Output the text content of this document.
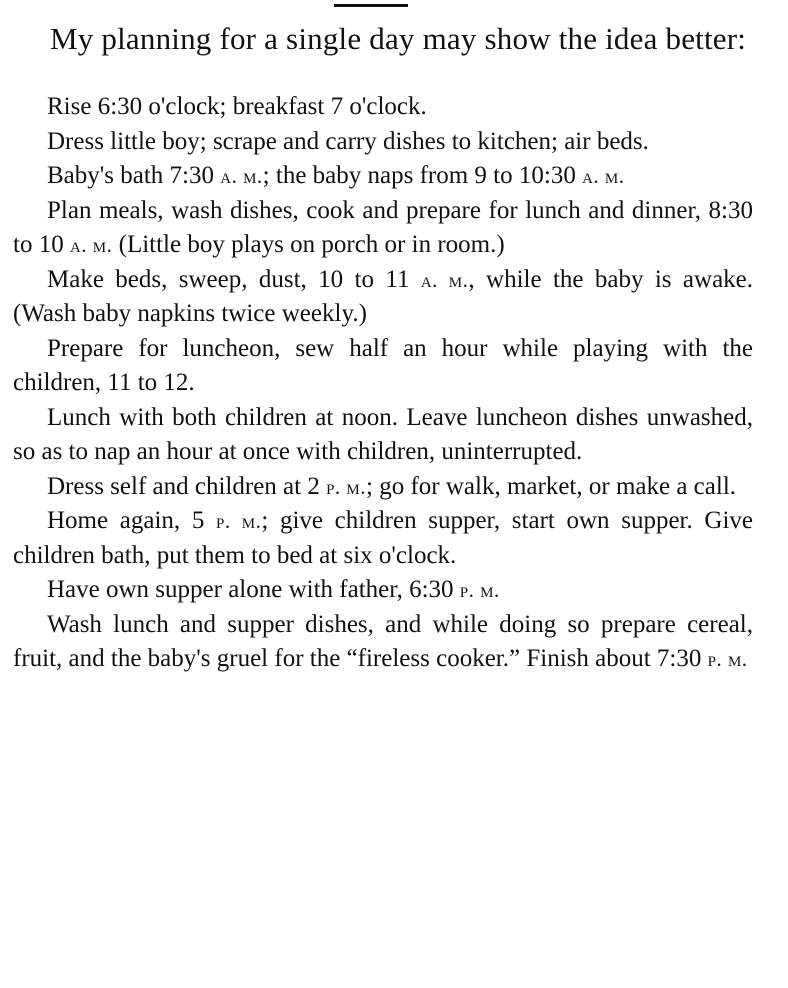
My planning for a single day may show the idea better:

Rise 6:30 o'clock; breakfast 7 o'clock.

Dress little boy; scrape and carry dishes to kitchen; air beds.

Baby's bath 7:30 a. m.; the baby naps from 9 to 10:30 a. m.

Plan meals, wash dishes, cook and prepare for lunch and dinner, 8:30 to 10 a. m. (Little boy plays on porch or in room.)

Make beds, sweep, dust, 10 to 11 a. m., while the baby is awake. (Wash baby napkins twice weekly.)

Prepare for luncheon, sew half an hour while playing with the children, 11 to 12.

Lunch with both children at noon. Leave luncheon dishes unwashed, so as to nap an hour at once with children, uninterrupted.

Dress self and children at 2 p. m.; go for walk, market, or make a call.

Home again, 5 p. m.; give children supper, start own supper. Give children bath, put them to bed at six o'clock.

Have own supper alone with father, 6:30 p. m.

Wash lunch and supper dishes, and while doing so prepare cereal, fruit, and the baby's gruel for the “fireless cooker.” Finish about 7:30 p. m.
